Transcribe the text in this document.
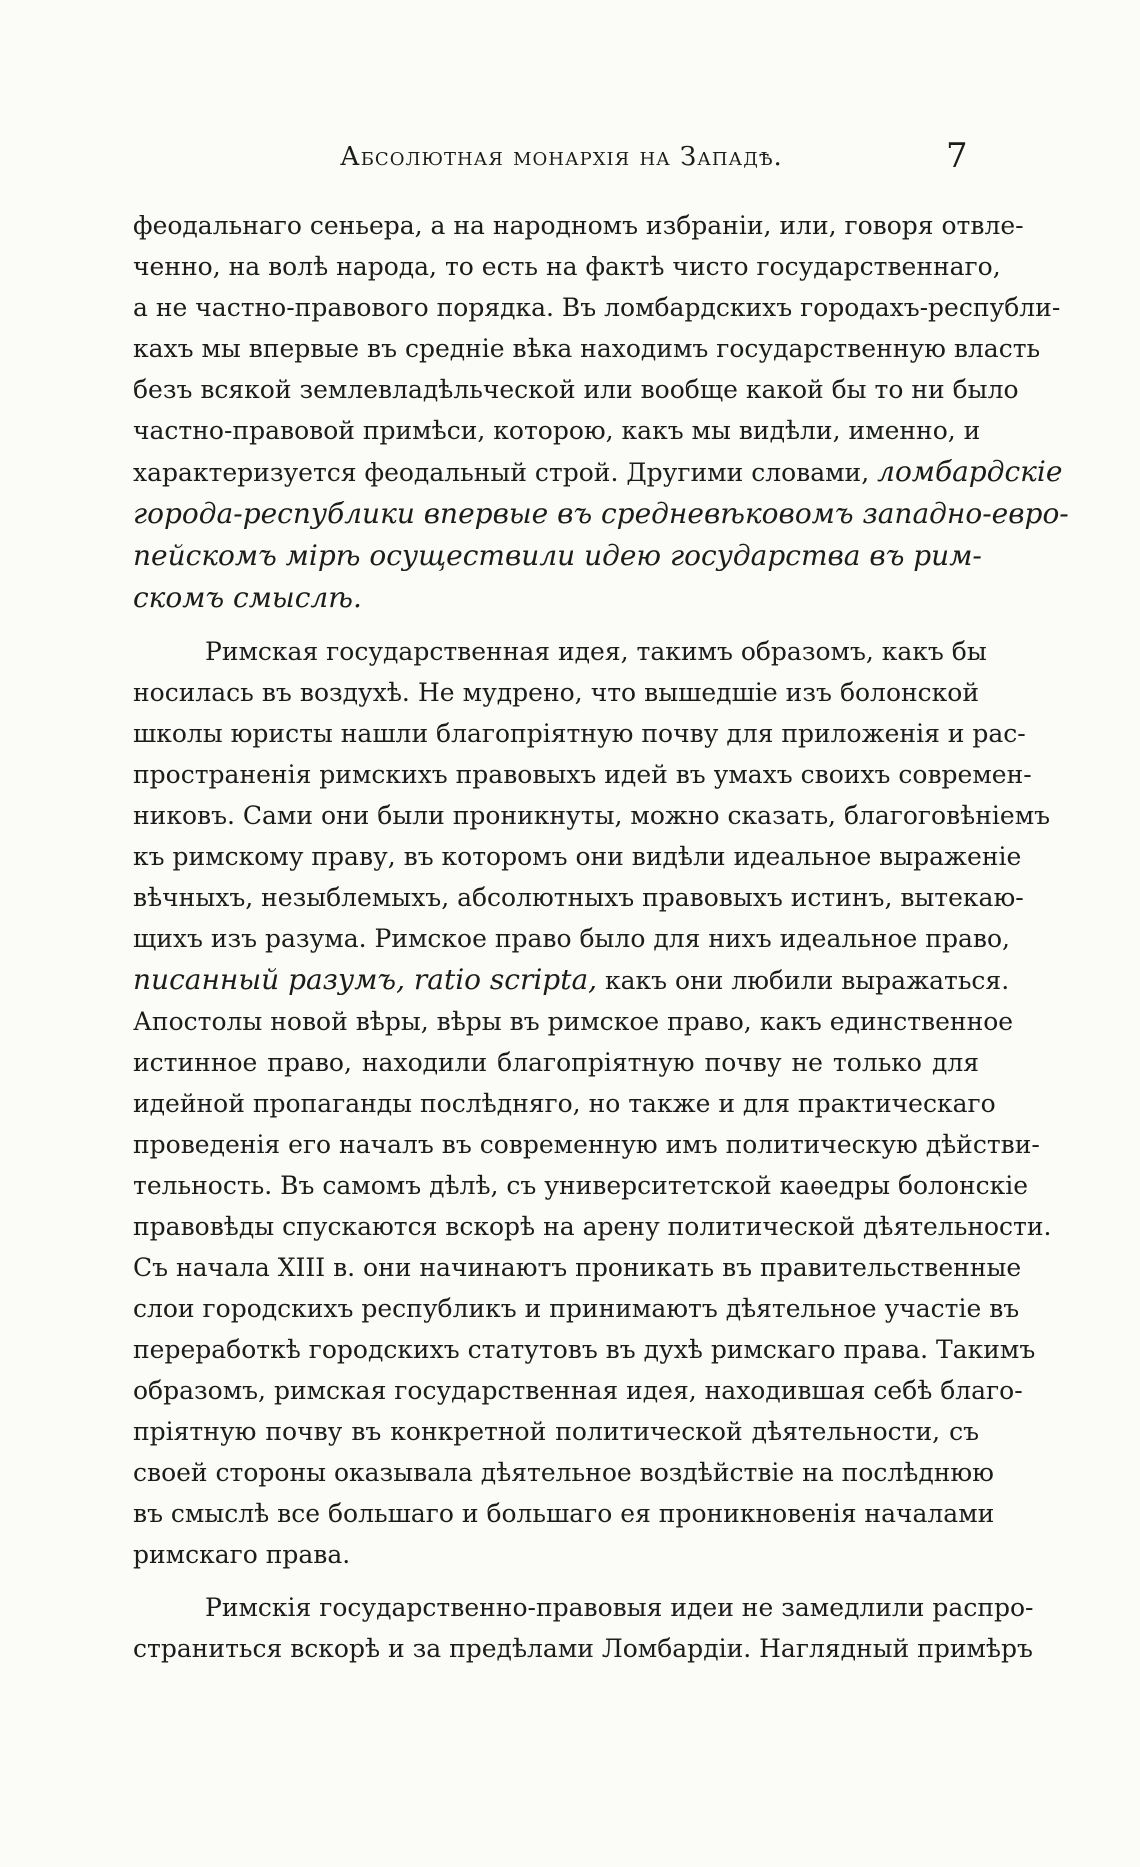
Абсолютная монархія на Западѣ.	7
феодальнаго сеньера, а на народномъ избраніи, или, говоря отвле-
ченно, на волѣ народа, то есть на фактѣ чисто государственнаго,
а не частно-правового порядка. Въ ломбардскихъ городахъ-республи-
кахъ мы впервые въ средніе вѣка находимъ государственную власть
безъ всякой землевладѣльческой или вообще какой бы то ни было
частно-правовой примѣси, которою, какъ мы видѣли, именно, и
характеризуется феодальный строй. Другими словами, ломбардскіе
города-республики впервые въ средневѣковомъ западно-евро-
пейскомъ мірѣ осуществили идею государства въ рим-
скомъ смыслѣ.
Римская государственная идея, такимъ образомъ, какъ бы
носилась въ воздухѣ. Не мудрено, что вышедшіе изъ болонской
школы юристы нашли благопріятную почву для приложенія и рас-
пространенія римскихъ правовыхъ идей въ умахъ своихъ современ-
никовъ. Сами они были проникнуты, можно сказать, благоговѣніемъ
къ римскому праву, въ которомъ они видѣли идеальное выраженіе
вѣчныхъ, незыблемыхъ, абсолютныхъ правовыхъ истинъ, вытекаю-
щихъ изъ разума. Римское право было для нихъ идеальное право,
писанный разумъ, ratio scripta, какъ они любили выражаться.
Апостолы новой вѣры, вѣры въ римское право, какъ единственное
истинное право, находили благопріятную почву не только для
идейной пропаганды послѣдняго, но также и для практическаго
проведенія его началъ въ современную имъ политическую дѣйстви-
тельность. Въ самомъ дѣлѣ, съ университетской каѳедры болонскіе
правовѣды спускаются вскорѣ на арену политической дѣятельности.
Съ начала XIII в. они начинаютъ проникать въ правительственные
слои городскихъ республикъ и принимаютъ дѣятельное участіе въ
переработкѣ городскихъ статутовъ въ духѣ римскаго права. Такимъ
образомъ, римская государственная идея, находившая себѣ благо-
пріятную почву въ конкретной политической дѣятельности, съ
своей стороны оказывала дѣятельное воздѣйствіе на послѣднюю
въ смыслѣ все большаго и большаго ея проникновенія началами
римскаго права.
Римскія государственно-правовыя идеи не замедлили распро-
страниться вскорѣ и за предѣлами Ломбардіи. Наглядный примѣръ
